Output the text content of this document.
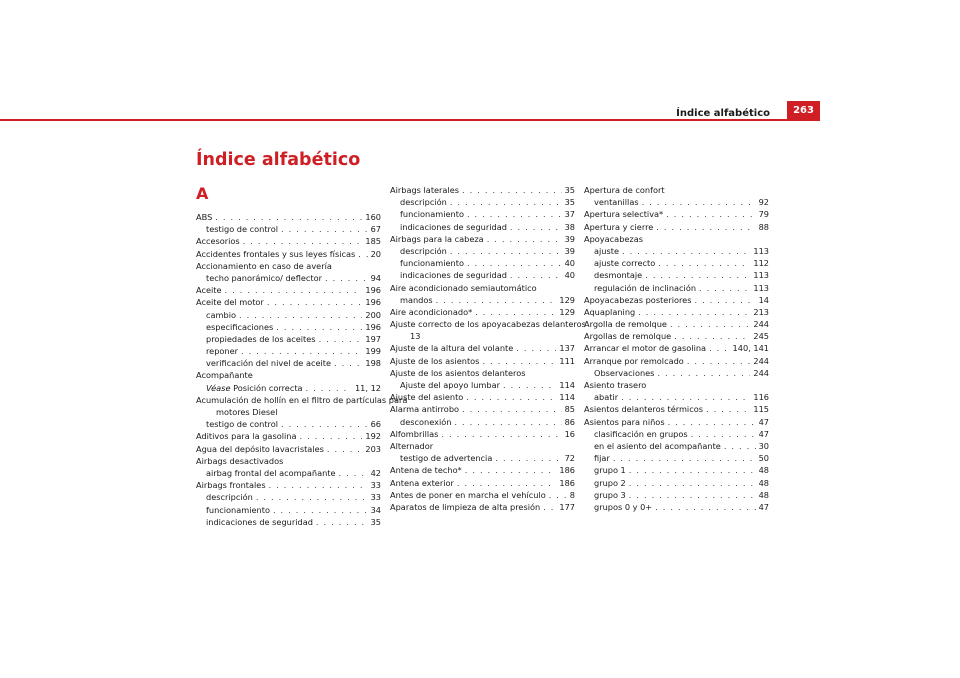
Índice alfabético	263
Índice alfabético
A
ABS . . .	160
testigo de control . . .	67
Accesorios . . .	185
Accidentes frontales y sus leyes físicas . . . 20
Accionamiento en caso de avería
techo panorámico/ deflector . . .	94
Aceite . . .	196
Aceite del motor . . .	196
cambio . . .	200
especificaciones . . .	196
propiedades de los aceites . . .	197
reponer . . .	199
verificación del nivel de aceite . . .	198
Acompañante
Véase Posición correcta . . .	11, 12
Acumulación de hollín en el filtro de partículas para
motores Diesel
testigo de control . . .	66
Aditivos para la gasolina . . .	192
Agua del depósito lavacristales . . .	203
Airbags desactivados
airbag frontal del acompañante . . .	42
Airbags frontales . . .	33
descripción . . .	33
funcionamiento . . .	34
indicaciones de seguridad . . .	35
Airbags laterales . . .	35
descripción . . .	35
funcionamiento . . .	37
indicaciones de seguridad . . .	38
Airbags para la cabeza . . .	39
descripción . . .	39
funcionamiento . . .	40
indicaciones de seguridad . . .	40
Aire acondicionado semiautomático
mandos . . .	129
Aire acondicionado* . . .	129
Ajuste correcto de los apoyacabezas delanteros
13
Ajuste de la altura del volante . . .	137
Ajuste de los asientos . . .	111
Ajuste de los asientos delanteros
Ajuste del apoyo lumbar . . .	114
Ajuste del asiento . . .	114
Alarma antirrobo . . .	85
desconexión . . .	86
Alfombrillas . . .	16
Alternador
testigo de advertencia . . .	72
Antena de techo* . . .	186
Antena exterior . . .	186
Antes de poner en marcha el vehículo . . .	8
Aparatos de limpieza de alta presión . . . 177
Apertura de confort
ventanillas . . .	92
Apertura selectiva* . . .	79
Apertura y cierre . . .	88
Apoyacabezas
ajuste . . .	113
ajuste correcto . . .	112
desmontaje . . .	113
regulación de inclinación . . .	113
Apoyacabezas posteriores . . .	14
Aquaplaning . . .	213
Argolla de remolque . . .	244
Argollas de remolque . . .	245
Arrancar el motor de gasolina . . .	140, 141
Arranque por remolcado . . .	244
Observaciones . . .	244
Asiento trasero
abatir . . .	116
Asientos delanteros térmicos . . .	115
Asientos para niños . . .	47
clasificación en grupos . . .	47
en el asiento del acompañante . . .	30
fijar . . .	50
grupo 1 . . .	48
grupo 2 . . .	48
grupo 3 . . .	48
grupos 0 y 0+ . . .	47
